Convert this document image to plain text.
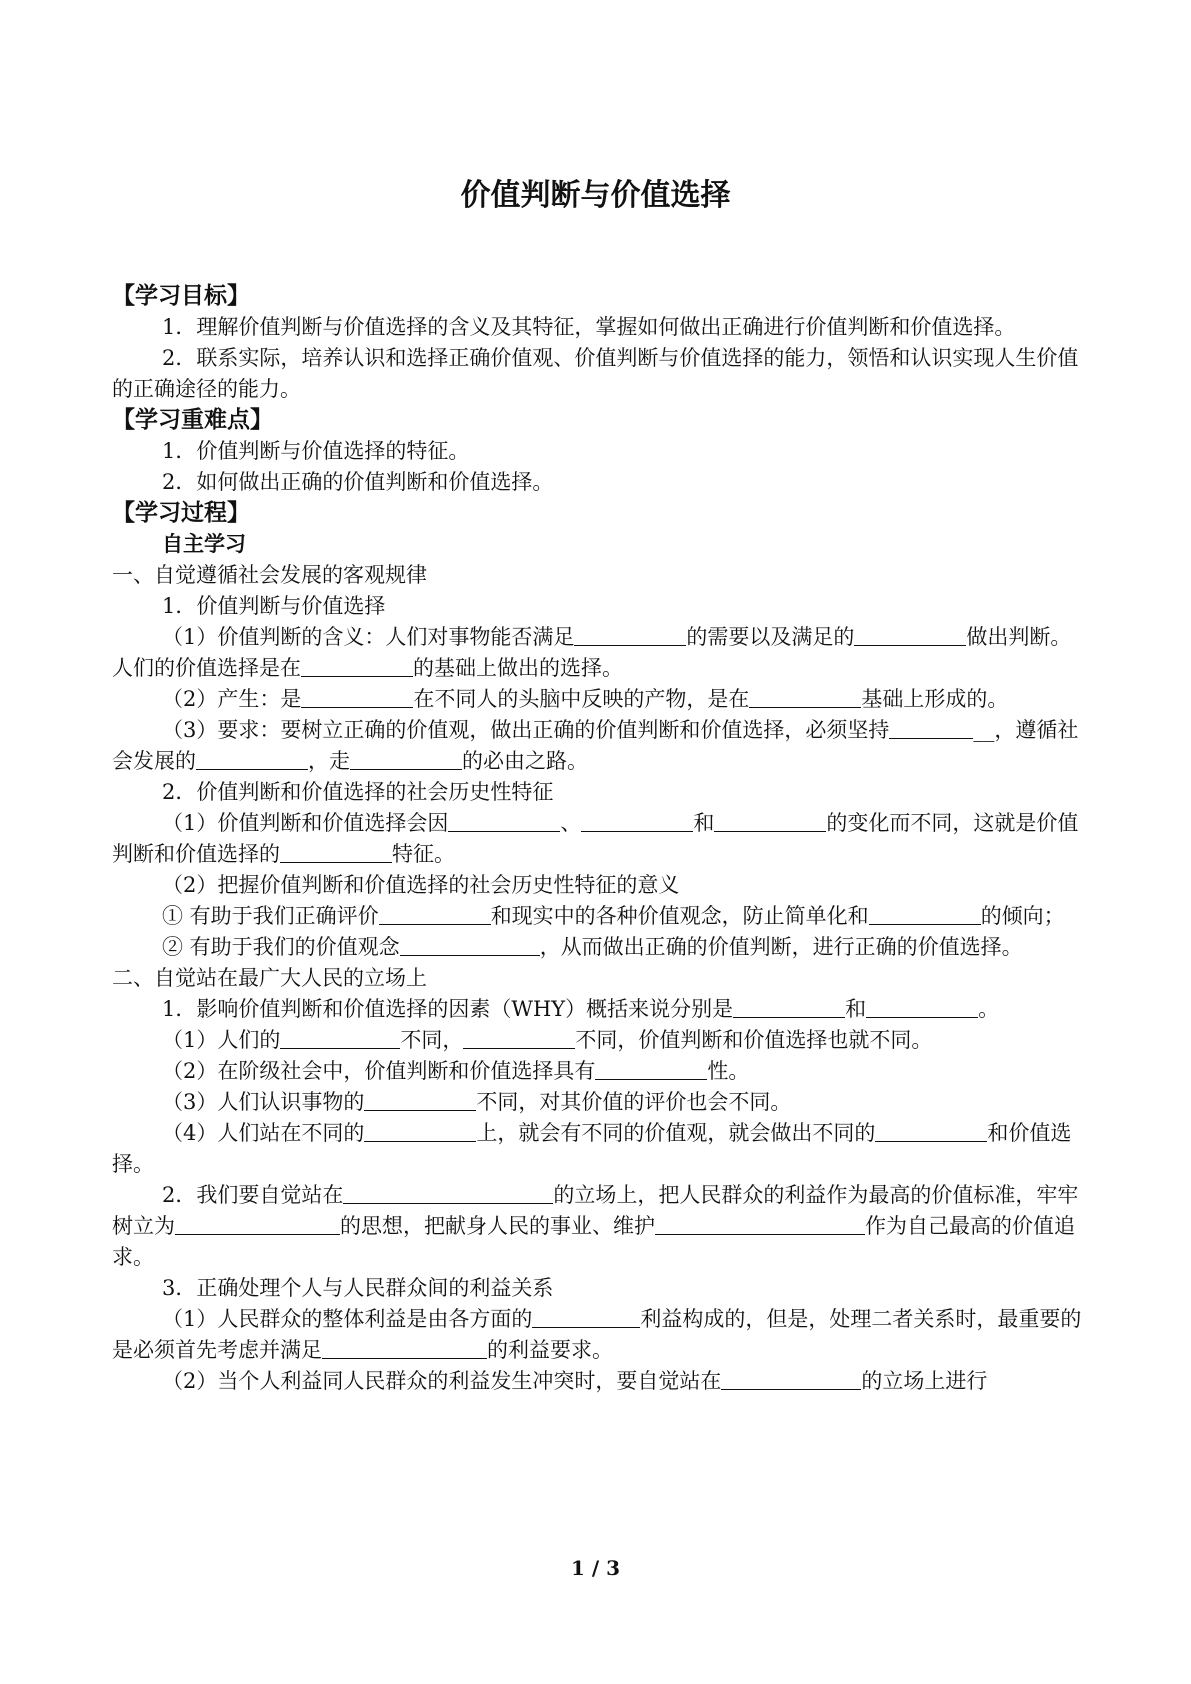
价值判断与价值选择

【学习目标】

1．理解价值判断与价值选择的含义及其特征，掌握如何做出正确进行价值判断和价值选择。

2．联系实际，培养认识和选择正确价值观、价值判断与价值选择的能力，领悟和认识实现人生价值的正确途径的能力。

【学习重难点】

1．价值判断与价值选择的特征。

2．如何做出正确的价值判断和价值选择。

【学习过程】

自主学习

一、自觉遵循社会发展的客观规律

1．价值判断与价值选择

（1）价值判断的含义：人们对事物能否满足	的需要以及满足的	做出判断。人们的价值选择是在	的基础上做出的选择。

（2）产生：是	在不同人的头脑中反映的产物，是在	基础上形成的。

（3）要求：要树立正确的价值观，做出正确的价值判断和价值选择，必须坚持	__，遵循社会发展的	，走	的必由之路。

2．价值判断和价值选择的社会历史性特征

（1）价值判断和价值选择会因	、	和	的变化而不同，这就是价值判断和价值选择的	特征。

（2）把握价值判断和价值选择的社会历史性特征的意义

① 有助于我们正确评价	和现实中的各种价值观念，防止简单化和	的倾向；

② 有助于我们的价值观念	，从而做出正确的价值判断，进行正确的价值选择。

二、自觉站在最广大人民的立场上

1．影响价值判断和价值选择的因素（WHY）概括来说分别是	和	。

（1）人们的	不同，	不同，价值判断和价值选择也就不同。

（2）在阶级社会中，价值判断和价值选择具有	性。

（3）人们认识事物的	不同，对其价值的评价也会不同。

（4）人们站在不同的	上，就会有不同的价值观，就会做出不同的	和价值选择。

2．我们要自觉站在	的立场上，把人民群众的利益作为最高的价值标准，牢牢树立为	的思想，把献身人民的事业、维护	作为自己最高的价值追求。

3．正确处理个人与人民群众间的利益关系

（1）人民群众的整体利益是由各方面的	利益构成的，但是，处理二者关系时，最重要的是必须首先考虑并满足	的利益要求。

（2）当个人利益同人民群众的利益发生冲突时，要自觉站在	的立场上进行

1 / 3
